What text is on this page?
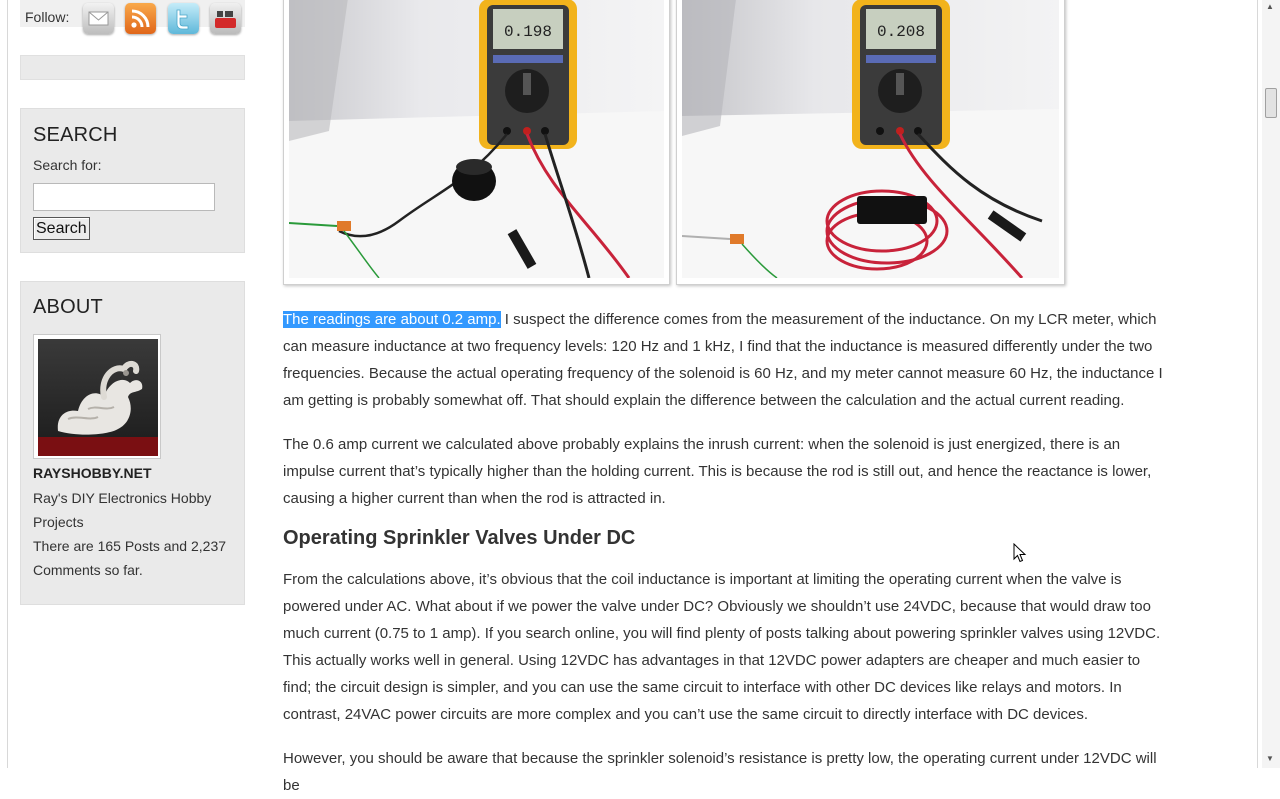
Follow:
SEARCH
Search for:
Search
ABOUT
RAYSHOBBY.NET
Ray's DIY Electronics Hobby Projects
There are 165 Posts and 2,237 Comments so far.
0.198	0.208

The readings are about 0.2 amp. I suspect the difference comes from the measurement of the inductance. On my LCR meter, which can measure inductance at two frequency levels: 120 Hz and 1 kHz, I find that the inductance is measured differently under the two frequencies. Because the actual operating frequency of the solenoid is 60 Hz, and my meter cannot measure 60 Hz, the inductance I am getting is probably somewhat off. That should explain the difference between the calculation and the actual current reading.

The 0.6 amp current we calculated above probably explains the inrush current: when the solenoid is just energized, there is an impulse current that’s typically higher than the holding current. This is because the rod is still out, and hence the reactance is lower, causing a higher current than when the rod is attracted in.

Operating Sprinkler Valves Under DC

From the calculations above, it’s obvious that the coil inductance is important at limiting the operating current when the valve is powered under AC. What about if we power the valve under DC? Obviously we shouldn’t use 24VDC, because that would draw too much current (0.75 to 1 amp). If you search online, you will find plenty of posts talking about powering sprinkler valves using 12VDC. This actually works well in general. Using 12VDC has advantages in that 12VDC power adapters are cheaper and much easier to find; the circuit design is simpler, and you can use the same circuit to interface with other DC devices like relays and motors. In contrast, 24VAC power circuits are more complex and you can’t use the same circuit to directly interface with DC devices.

However, you should be aware that because the sprinkler solenoid’s resistance is pretty low, the operating current under 12VDC will be

▲
▼
